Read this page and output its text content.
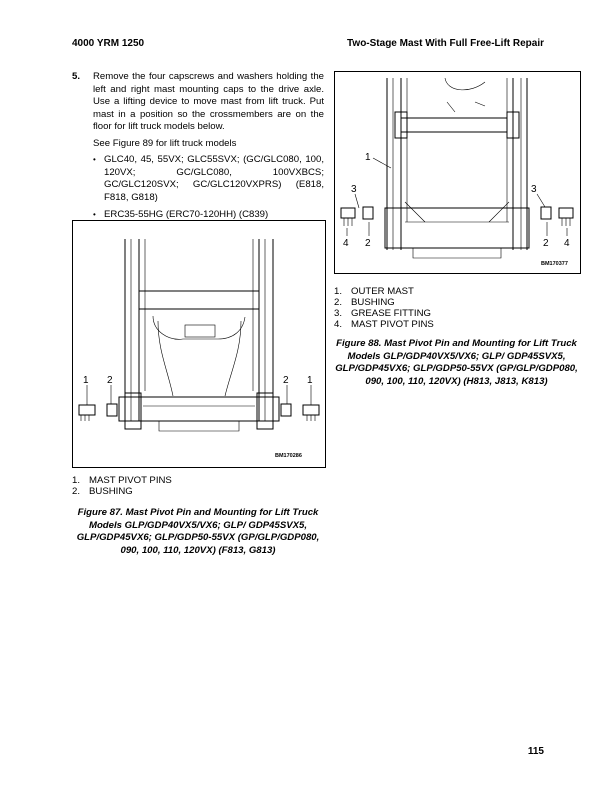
4000 YRM 1250	Two-Stage Mast With Full Free-Lift Repair
5. Remove the four capscrews and washers holding the left and right mast mounting caps to the drive axle. Use a lifting device to move mast from lift truck. Put mast in a position so the crossmembers are on the floor for lift truck models below.

See Figure 89 for lift truck models

• GLC40, 45, 55VX; GLC55SVX; (GC/GLC080, 100, 120VX; GC/GLC080, 100VXBCS; GC/GLC120SVX; GC/GLC120VXPRS) (E818, F818, G818)
• ERC35-55HG (ERC70-120HH) (C839)
1 2	2 1
BM170286
1. MAST PIVOT PINS
2. BUSHING
Figure 87. Mast Pivot Pin and Mounting for Lift Truck Models GLP/GDP40VX5/VX6; GLP/ GDP45SVX5, GLP/GDP45VX6; GLP/GDP50-55VX (GP/GLP/GDP080, 090, 100, 110, 120VX) (F813, G813)
1
3	3
4 2	2 4
BM170377
1. OUTER MAST
2. BUSHING
3. GREASE FITTING
4. MAST PIVOT PINS
Figure 88. Mast Pivot Pin and Mounting for Lift Truck Models GLP/GDP40VX5/VX6; GLP/ GDP45SVX5, GLP/GDP45VX6; GLP/GDP50-55VX (GP/GLP/GDP080, 090, 100, 110, 120VX) (H813, J813, K813)
115
